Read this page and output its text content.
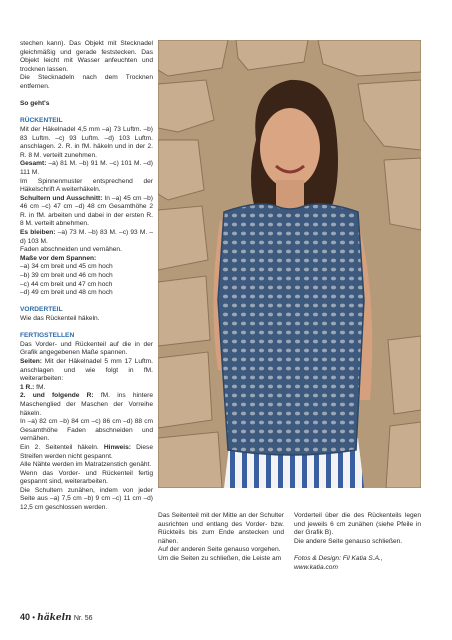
stechen kann). Das Objekt mit Stecknadel gleichmäßig und gerade feststecken. Das Objekt leicht mit Wasser anfeuchten und trocknen lassen.

Die Stecknadeln nach dem Trocknen entfernen.

So geht's

RÜCKENTEIL

Mit der Häkelnadel 4,5 mm –a) 73 Luftm. –b) 83 Luftm. –c) 93 Luftm. –d) 103 Luftm. anschlagen. 2. R. in fM. häkeln und in der 2. R. 8 M. verteilt zunehmen.

Gesamt: –a) 81 M. –b) 91 M. –c) 101 M. –d) 111 M.

Im Spinnenmuster entsprechend der Häkelschrift A weiterhäkeln.

Schultern und Ausschnitt: In –a) 45 cm –b) 46 cm –c) 47 cm –d) 48 cm Gesamthöhe 2 R. in fM. arbeiten und dabei in der ersten R. 8 M. verteilt abnehmen.

Es bleiben: –a) 73 M. –b) 83 M. –c) 93 M. –d) 103 M.

Faden abschneiden und vernähen.

Maße vor dem Spannen:

–a) 34 cm breit und 45 cm hoch

–b) 39 cm breit und 46 cm hoch

–c) 44 cm breit und 47 cm hoch

–d) 49 cm breit und 48 cm hoch

VORDERTEIL

Wie das Rückenteil häkeln.

FERTIGSTELLEN

Das Vorder- und Rückenteil auf die in der Grafik angegebenen Maße spannen.

Seiten: Mit der Häkelnadel 5 mm 17 Luftm. anschlagen und wie folgt in fM. weiterarbeiten:

1 R.: fM.

2. und folgende R: fM. ins hintere Maschenglied der Maschen der Vorreihe häkeln.

In –a) 82 cm –b) 84 cm –c) 86 cm –d) 88 cm Gesamthöhe Faden abschneiden und vernähen.

Ein 2. Seitenteil häkeln. Hinweis: Diese Streifen werden nicht gespannt.

Alle Nähte werden im Matratzenstich genäht.

Wenn das Vorder- und Rückenteil fertig gespannt sind, weiterarbeiten.

Die Schultern zunähen, indem von jeder Seite aus –a) 7,5 cm –b) 9 cm –c) 11 cm –d) 12,5 cm geschlossen werden.

Das Seitenteil mit der Mitte an der Schulter ausrichten und entlang des Vorder- bzw. Rückteils bis zum Ende anstecken und nähen.

Auf der anderen Seite genauso vorgehen.

Um die Seiten zu schließen, die Leiste am

Vorderteil über die des Rückenteils legen und jeweils 6 cm zunähen (siehe Pfeile in der Grafik B).

Die andere Seite genauso schließen.

Fotos & Design: Fil Katia S.A.,

www.katia.com

40 • häkeln Nr. 56
